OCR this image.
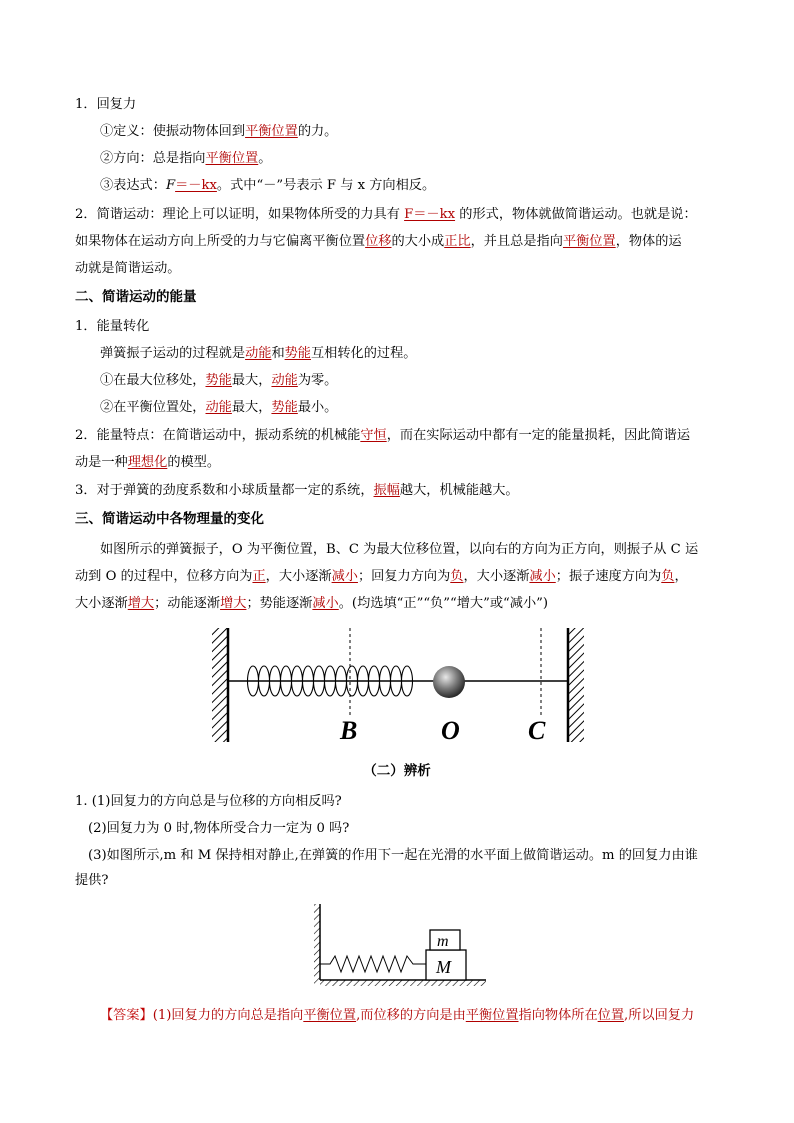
1．回复力
①定义：使振动物体回到平衡位置的力。
②方向：总是指向平衡位置。
③表达式：F＝－kx。式中“－”号表示 F 与 x 方向相反。
2．简谐运动：理论上可以证明，如果物体所受的力具有 F＝－kx 的形式，物体就做简谐运动。也就是说：
如果物体在运动方向上所受的力与它偏离平衡位置位移的大小成正比，并且总是指向平衡位置，物体的运
动就是简谐运动。
二、简谐运动的能量
1．能量转化
弹簧振子运动的过程就是动能和势能互相转化的过程。
①在最大位移处，势能最大，动能为零。
②在平衡位置处，动能最大，势能最小。
2．能量特点：在简谐运动中，振动系统的机械能守恒，而在实际运动中都有一定的能量损耗，因此简谐运
动是一种理想化的模型。
3．对于弹簧的劲度系数和小球质量都一定的系统，振幅越大，机械能越大。
三、简谐运动中各物理量的变化
如图所示的弹簧振子，O 为平衡位置，B、C 为最大位移位置，以向右的方向为正方向，则振子从 C 运
动到 O 的过程中，位移方向为正，大小逐渐减小；回复力方向为负，大小逐渐减小；振子速度方向为负，
大小逐渐增大；动能逐渐增大；势能逐渐减小。(均选填“正”“负”“增大”或“减小”)
B	O	C
（二）辨析
1. (1)回复力的方向总是与位移的方向相反吗?
(2)回复力为 0 时,物体所受合力一定为 0 吗?
(3)如图所示,m 和 M 保持相对静止,在弹簧的作用下一起在光滑的水平面上做简谐运动。m 的回复力由谁
提供?
M
m
【答案】(1)回复力的方向总是指向平衡位置,而位移的方向是由平衡位置指向物体所在位置,所以回复力
